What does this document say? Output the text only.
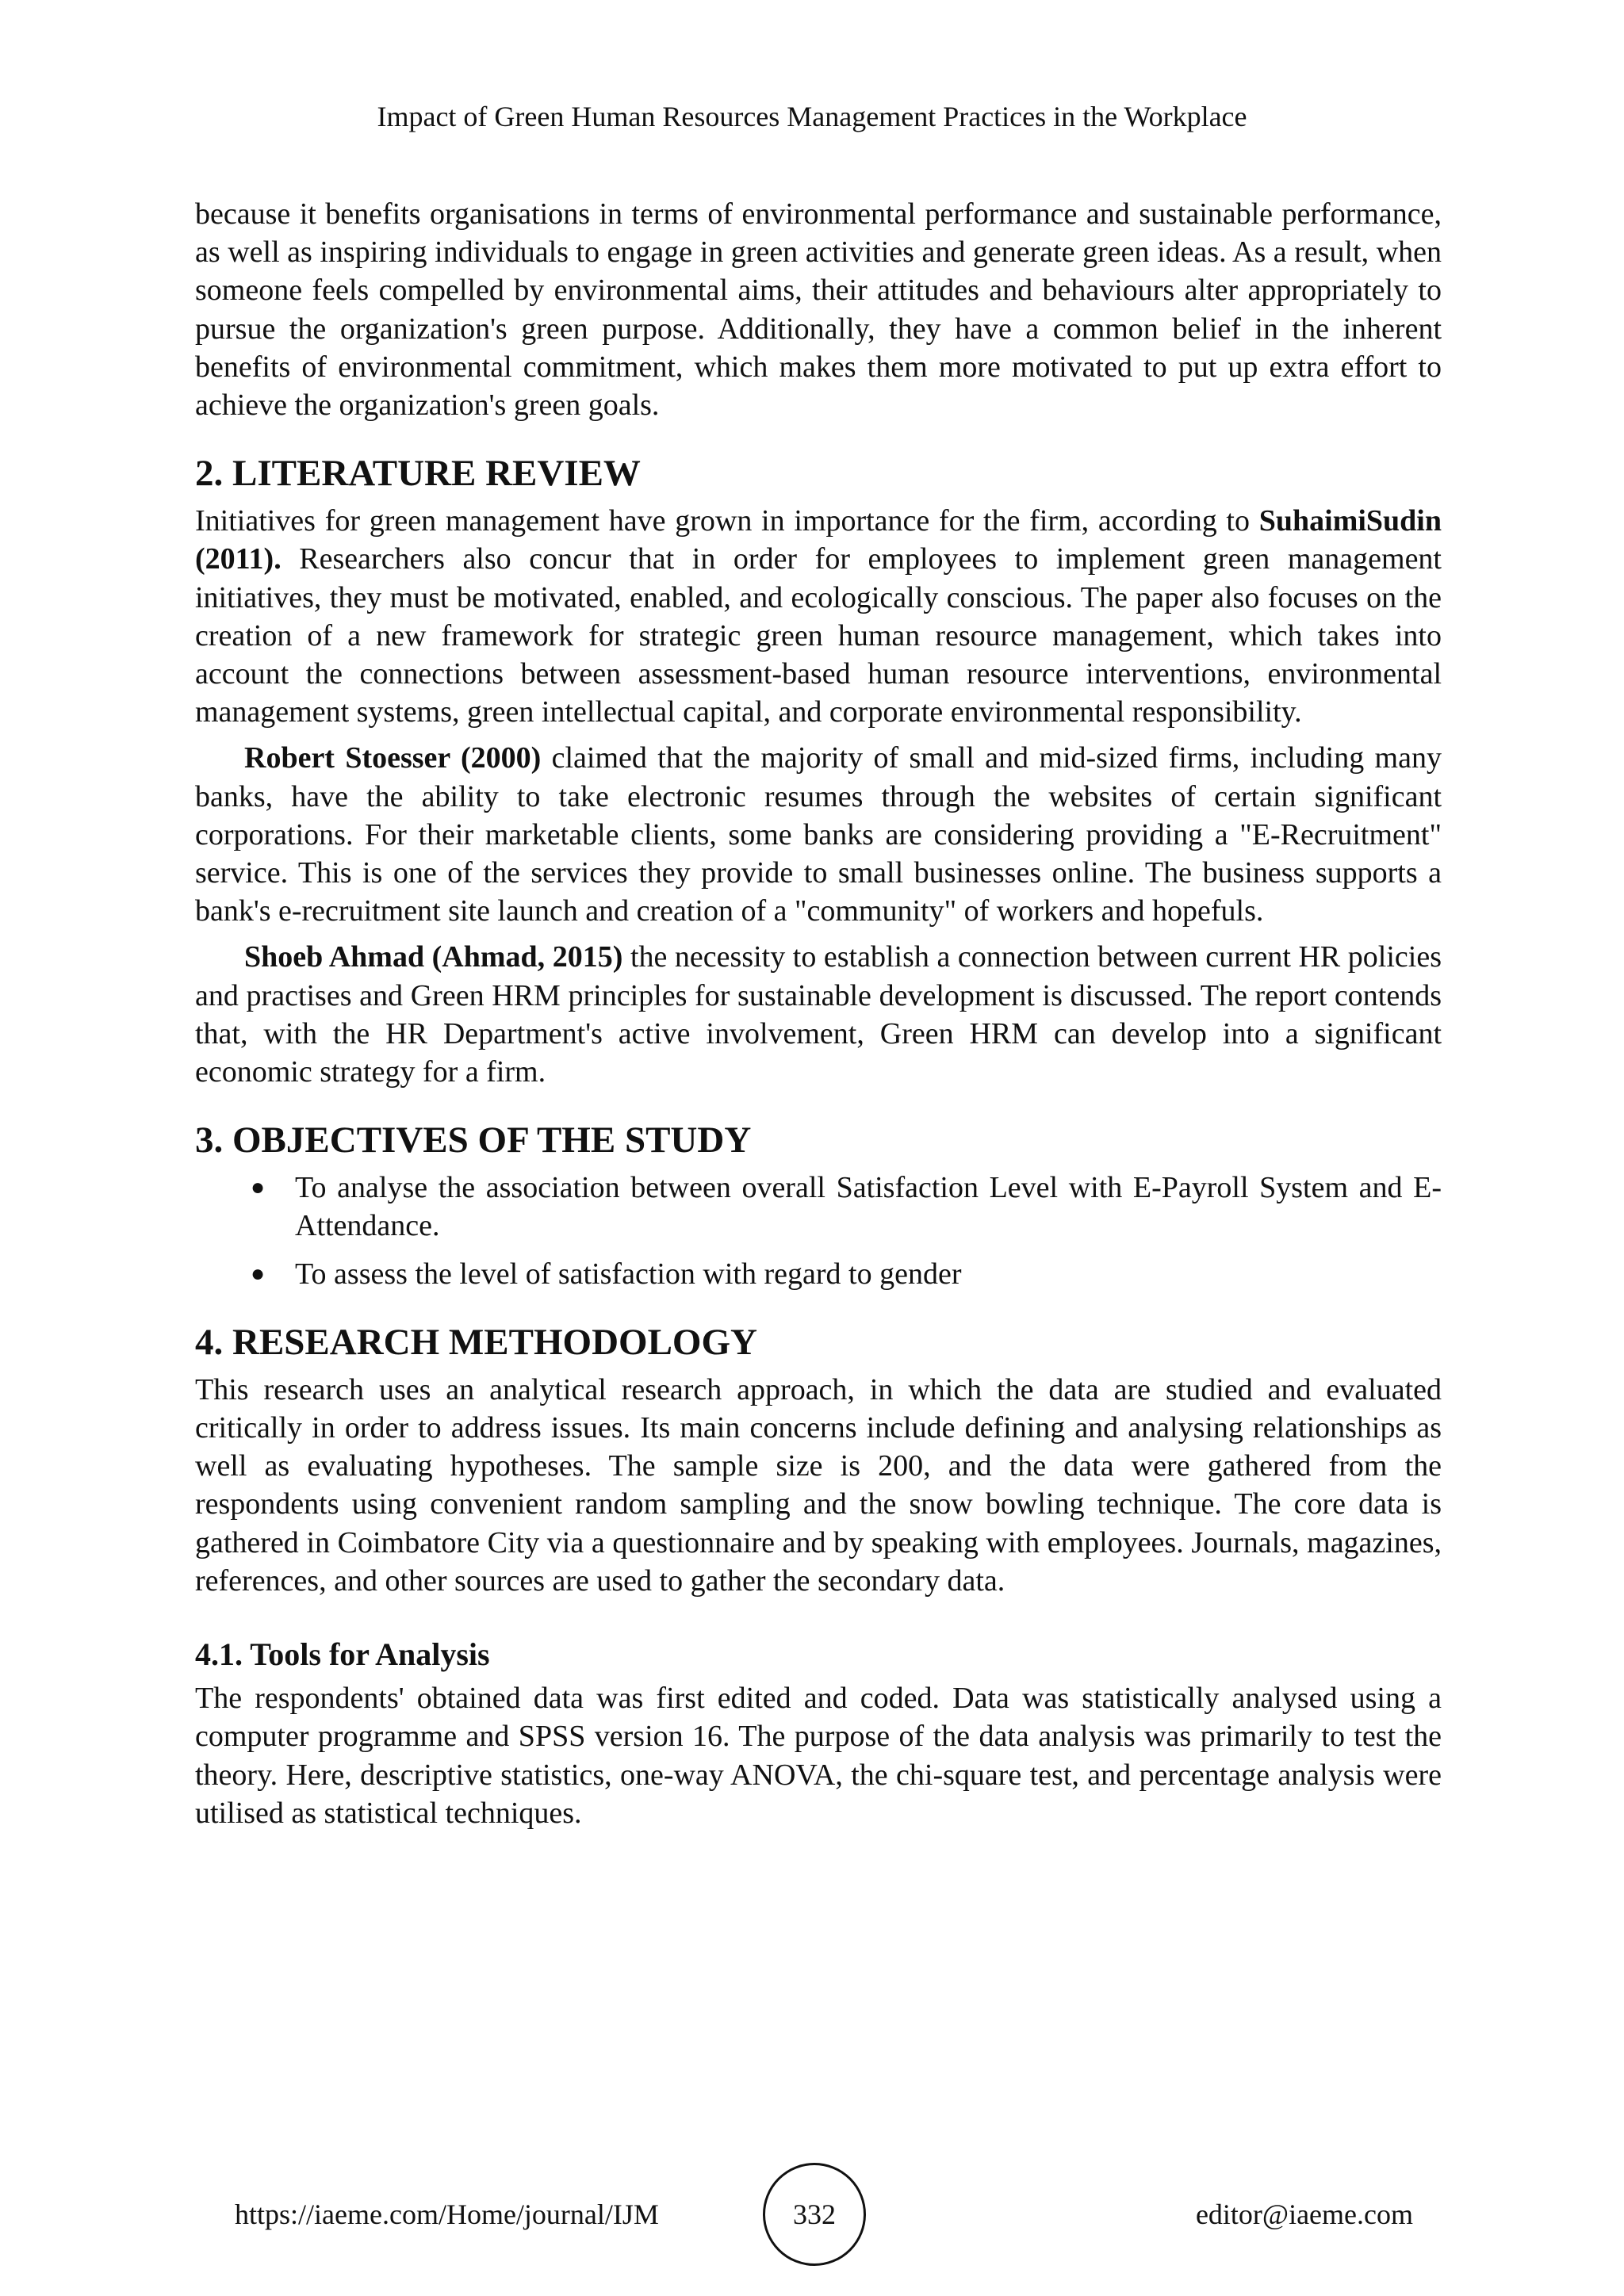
Impact of Green Human Resources Management Practices in the Workplace

because it benefits organisations in terms of environmental performance and sustainable performance, as well as inspiring individuals to engage in green activities and generate green ideas. As a result, when someone feels compelled by environmental aims, their attitudes and behaviours alter appropriately to pursue the organization's green purpose. Additionally, they have a common belief in the inherent benefits of environmental commitment, which makes them more motivated to put up extra effort to achieve the organization's green goals.

2. LITERATURE REVIEW

Initiatives for green management have grown in importance for the firm, according to SuhaimiSudin (2011). Researchers also concur that in order for employees to implement green management initiatives, they must be motivated, enabled, and ecologically conscious. The paper also focuses on the creation of a new framework for strategic green human resource management, which takes into account the connections between assessment-based human resource interventions, environmental management systems, green intellectual capital, and corporate environmental responsibility.

Robert Stoesser (2000) claimed that the majority of small and mid-sized firms, including many banks, have the ability to take electronic resumes through the websites of certain significant corporations. For their marketable clients, some banks are considering providing a "E-Recruitment" service. This is one of the services they provide to small businesses online. The business supports a bank's e-recruitment site launch and creation of a "community" of workers and hopefuls.

Shoeb Ahmad (Ahmad, 2015) the necessity to establish a connection between current HR policies and practises and Green HRM principles for sustainable development is discussed. The report contends that, with the HR Department's active involvement, Green HRM can develop into a significant economic strategy for a firm.

3. OBJECTIVES OF THE STUDY
● To analyse the association between overall Satisfaction Level with E-Payroll System and E-Attendance.
● To assess the level of satisfaction with regard to gender
4. RESEARCH METHODOLOGY

This research uses an analytical research approach, in which the data are studied and evaluated critically in order to address issues. Its main concerns include defining and analysing relationships as well as evaluating hypotheses. The sample size is 200, and the data were gathered from the respondents using convenient random sampling and the snow bowling technique. The core data is gathered in Coimbatore City via a questionnaire and by speaking with employees. Journals, magazines, references, and other sources are used to gather the secondary data.

4.1. Tools for Analysis

The respondents' obtained data was first edited and coded. Data was statistically analysed using a computer programme and SPSS version 16. The purpose of the data analysis was primarily to test the theory. Here, descriptive statistics, one-way ANOVA, the chi-square test, and percentage analysis were utilised as statistical techniques.

https://iaeme.com/Home/journal/IJM	332	editor@iaeme.com
